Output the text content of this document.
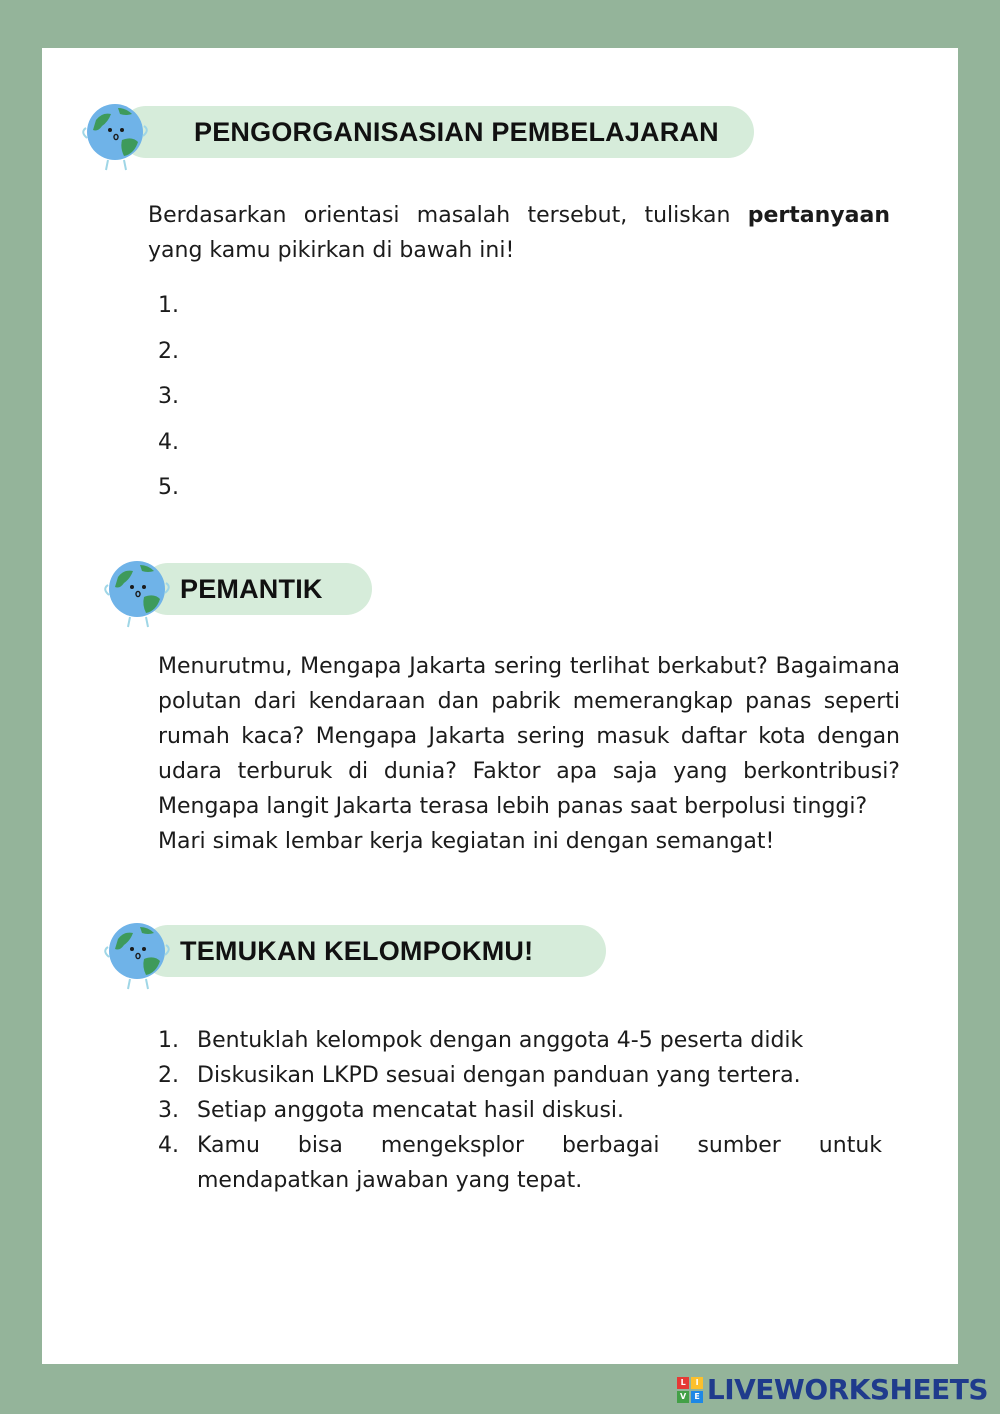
PENGORGANISASIAN PEMBELAJARAN
Berdasarkan orientasi masalah tersebut, tuliskan pertanyaan yang kamu pikirkan di bawah ini!
1.
2.
3.
4.
5.
PEMANTIK
Menurutmu, Mengapa Jakarta sering terlihat berkabut? Bagaimana polutan dari kendaraan dan pabrik memerangkap panas seperti rumah kaca? Mengapa Jakarta sering masuk daftar kota dengan udara terburuk di dunia? Faktor apa saja yang berkontribusi? Mengapa langit Jakarta terasa lebih panas saat berpolusi tinggi?
Mari simak lembar kerja kegiatan ini dengan semangat!
TEMUKAN KELOMPOKMU!
1. Bentuklah kelompok dengan anggota 4-5 peserta didik
2. Diskusikan LKPD sesuai dengan panduan yang tertera.
3. Setiap anggota mencatat hasil diskusi.
4. Kamu bisa mengeksplor berbagai sumber untuk mendapatkan jawaban yang tepat.
L	I
V	E LIVEWORKSHEETS
